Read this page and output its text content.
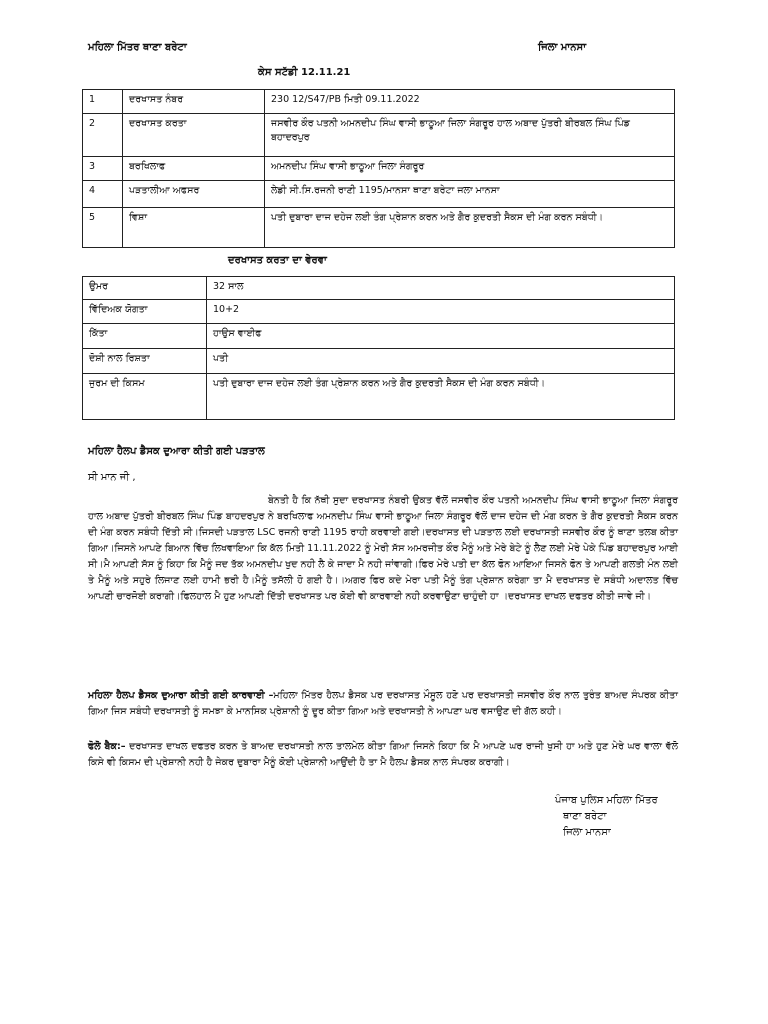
ਮਹਿਲਾ ਮਿੱਤਰ ਥਾਣਾ ਬਰੇਟਾ	ਜਿਲਾ ਮਾਨਸਾ
ਕੇਸ ਸਟੱਡੀ 12.11.21
1	ਦਰਖਾਸਤ ਨੰਬਰ	230 12/S47/PB ਮਿਤੀ 09.11.2022
2	ਦਰਖਾਸਤ ਕਰਤਾ	ਜਸਵੀਰ ਕੌਰ ਪਤਨੀ ਅਮਨਦੀਪ ਸਿੰਘ ਵਾਸੀ ਭਾਠੂਆ ਜਿਲਾ ਸੰਗਰੂਰ ਹਾਲ ਅਬਾਦ ਪੁੱਤਰੀ ਬੀਰਬਲ ਸਿੰਘ ਪਿੰਡ ਬਹਾਦਰਪੁਰ
3	ਬਰਖਿਲਾਫ	ਅਮਨਦੀਪ ਸਿੰਘ ਵਾਸੀ ਭਾਠੂਆ ਜਿਲਾ ਸੰਗਰੂਰ
4	ਪੜਤਾਲੀਆ ਅਫਸਰ	ਲੇਡੀ ਸੀ.ਸਿ.ਰਜਨੀ ਰਾਣੀ 1195/ਮਾਨਸਾ ਥਾਣਾ ਬਰੇਟਾ ਜਲਾ ਮਾਨਸਾ
5	ਵਿਸ਼ਾ	ਪਤੀ ਦੁਬਾਰਾ ਦਾਜ ਦਹੇਜ ਲਈ ਤੰਗ ਪ੍ਰੇਸ਼ਾਨ ਕਰਨ ਅਤੇ ਗੈਰ ਕੁਦਰਤੀ ਸੈਕਸ ਦੀ ਮੰਗ ਕਰਨ ਸਬੰਧੀ।
ਦਰਖਾਸਤ ਕਰਤਾ ਦਾ ਵੇਰਵਾ
ਉਮਰ	32 ਸਾਲ
ਵਿੱਦਿਅਕ ਯੋਗਤਾ	10+2
ਕਿੱਤਾ	ਹਾਉਸ ਵਾਈਫ
ਦੋਸ਼ੀ ਨਾਲ ਰਿਸ਼ਤਾ	ਪਤੀ
ਜੁਰਮ ਦੀ ਕਿਸਮ	ਪਤੀ ਦੁਬਾਰਾ ਦਾਜ ਦਹੇਜ ਲਈ ਤੰਗ ਪ੍ਰੇਸ਼ਾਨ ਕਰਨ ਅਤੇ ਗੈਰ ਕੁਦਰਤੀ ਸੈਕਸ ਦੀ ਮੰਗ ਕਰਨ ਸਬੰਧੀ।
ਮਹਿਲਾ ਹੈਲਪ ਡੈਸਕ ਦੁਆਰਾ ਕੀਤੀ ਗਈ ਪੜਤਾਲ
ਸੀ ਮਾਨ ਜੀ ,

ਬੇਨਤੀ ਹੈ ਕਿ ਨੱਥੀ ਸੁਦਾ ਦਰਖਾਸਤ ਨੰਬਰੀ ਉਕਤ ਵੱਲੋਂ ਜਸਵੀਰ ਕੌਰ ਪਤਨੀ ਅਮਨਦੀਪ ਸਿੰਘ ਵਾਸੀ ਭਾਠੂਆ ਜਿਲਾ ਸੰਗਰੂਰ ਹਾਲ ਅਬਾਦ ਪੁੱਤਰੀ ਬੀਰਬਲ ਸਿੰਘ ਪਿੰਡ ਬਾਹਦਰਪੁਰ ਨੇ ਬਰਖਿਲਾਫ ਅਮਨਦੀਪ ਸਿੰਘ ਵਾਸੀ ਭਾਠੂਆ ਜਿਲਾ ਸੰਗਰੂਰ ਵੱਲੋਂ ਦਾਜ ਦਹੇਜ ਦੀ ਮੰਗ ਕਰਨ ਤੇ ਗੈਰ ਕੁਦਰਤੀ ਸੈਕਸ ਕਰਨ ਦੀ ਮੰਗ ਕਰਨ ਸਬੰਧੀ ਦਿੱਤੀ ਸੀ।ਜਿਸਦੀ ਪੜਤਾਲ LSC ਰਜਨੀ ਰਾਣੀ 1195 ਰਾਹੀ ਕਰਵਾਈ ਗਈ।ਦਰਖਾਸਤ ਦੀ ਪੜਤਾਲ ਲਈ ਦਰਖਾਸਤੀ ਜਸਵੀਰ ਕੌਰ ਨੂੰ ਥਾਣਾ ਤਲਬ ਕੀਤਾ ਗਿਆ।ਜਿਸਨੇ ਆਪਣੇ ਬਿਆਨ ਵਿੱਚ ਲਿਖਵਾਇਆ ਕਿ ਕੱਲ ਮਿਤੀ 11.11.2022 ਨੂੰ ਮੇਰੀ ਸੱਸ ਅਮਰਜੀਤ ਕੌਰ ਮੈਨੂੰ ਅਤੇ ਮੇਰੇ ਬੇਟੇ ਨੂੰ ਲੈਣ ਲਈ ਮੇਰੇ ਪੇਕੇ ਪਿੰਡ ਬਹਾਦਰਪੁਰ ਆਈ ਸੀ।ਮੈ ਆਪਣੀ ਸੱਸ ਨੂੰ ਕਿਹਾ ਕਿ ਮੈਨੂੰ ਜਦ ਤੱਕ ਅਮਨਦੀਪ ਖੁਦ ਨਹੀ ਲੈ ਕੇ ਜਾਦਾ ਮੈ ਨਹੀ ਜਾਂਵਾਗੀ।ਫਿਰ ਮੇਰੇ ਪਤੀ ਦਾ ਕੱਲ ਫੋਨ ਆਇਆ ਜਿਸਨੇ ਫੋਨ ਤੇ ਆਪਣੀ ਗਲਤੀ ਮੰਨ ਲਈ ਤੇ ਮੈਨੂੰ ਅਤੇ ਸਹੁਰੇ ਲਿਜਾਣ ਲਈ ਹਾਮੀ ਭਰੀ ਹੈ।ਮੈਨੂੰ ਤਸੱਲੀ ਹੋ ਗਈ ਹੈ।।ਅਗਰ ਫਿਰ ਕਦੇ ਮੇਰਾ ਪਤੀ ਮੈਨੂੰ ਤੰਗ ਪ੍ਰੇਸ਼ਾਨ ਕਰੇਗਾ ਤਾ ਮੈ ਦਰਖਾਸਤ ਦੇ ਸਬੰਧੀ ਅਦਾਲਤ ਵਿੱਚ ਆਪਣੀ ਚਾਰਜੋਈ ਕਰਾਗੀ।ਫਿਲਹਾਲ ਮੈ ਹੁਣ ਆਪਣੀ ਦਿੱਤੀ ਦਰਖਾਸਤ ਪਰ ਕੋਈ ਵੀ ਕਾਰਵਾਈ ਨਹੀ ਕਰਵਾਉਣਾ ਚਾਹੁੰਦੀ ਹਾ ।ਦਰਖਾਸਤ ਦਾਖਲ ਦਫਤਰ ਕੀਤੀ ਜਾਵੇ ਜੀ।

ਮਹਿਲਾ ਹੈਲਪ ਡੈਸਕ ਦੁਆਰਾ ਕੀਤੀ ਗਈ ਕਾਰਵਾਈ –ਮਹਿਲਾ ਮਿੱਤਰ ਹੈਲਪ ਡੈਸਕ ਪਰ ਦਰਖਾਸਤ ਮੌਸੂਲ ਹਣੋ ਪਰ ਦਰਖਾਸਤੀ ਜਸਵੀਰ ਕੌਰ ਨਾਲ ਤੁਰੰਤ ਬਾਅਦ ਸੰਪਰਕ ਕੀਤਾ ਗਿਆ ਜਿਸ ਸਬੰਧੀ ਦਰਖਾਸਤੀ ਨੂੰ ਸਮਝਾ ਕੇ ਮਾਨਸਿਕ ਪ੍ਰੇਸ਼ਾਨੀ ਨੂੰ ਦੂਰ ਕੀਤਾ ਗਿਆ ਅਤੇ ਦਰਖਾਸਤੀ ਨੇ ਆਪਣਾ ਘਰ ਵਸਾਉਣ ਦੀ ਗੱਲ ਕਹੀ।

ਫੋਲੋ ਬੈਕ:– ਦਰਖਾਸਤ ਦਾਖਲ ਦਫਤਰ ਕਰਨ ਤੇ ਬਾਅਦ ਦਰਖਾਸਤੀ ਨਾਲ ਤਾਲਮੇਲ ਕੀਤਾ ਗਿਆ ਜਿਸਨੇ ਕਿਹਾ ਕਿ ਮੈ ਆਪਣੇ ਘਰ ਰਾਜੀ ਖੁਸੀ ਹਾ ਅਤੇ ਹੁਣ ਮੇਰੇ ਘਰ ਵਾਲਾ ਵੱਲੋ ਕਿਸੇ ਵੀ ਕਿਸਮ ਦੀ ਪ੍ਰੇਸ਼ਾਨੀ ਨਹੀ ਹੈ ਜੇਕਰ ਦੁਬਾਰਾ ਮੈਨੂੰ ਕੋਈ ਪ੍ਰੇਸ਼ਾਨੀ ਆਉਂਦੀ ਹੈ ਤਾ ਮੈ ਹੈਲਪ ਡੈਸਕ ਨਾਲ ਸੰਪਰਕ ਕਰਾਗੀ।

ਪੰਜਾਬ ਪੁਲਿਸ ਮਹਿਲਾ ਮਿੱਤਰ
ਥਾਣਾ ਬਰੇਟਾ
ਜਿਲਾ ਮਾਨਸਾ
